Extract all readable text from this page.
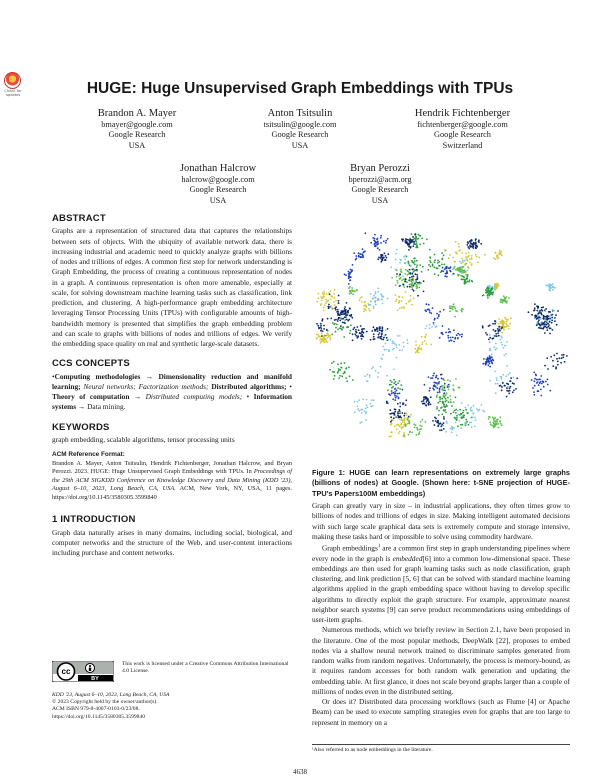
Check for
updates	HUGE: Huge Unsupervised Graph Embeddings with TPUs
Brandon A. Mayer
bmayer@google.com
Google Research
USA
Anton Tsitsulin
tsitsulin@google.com
Google Research
USA
Hendrik Fichtenberger
fichtenberger@google.com
Google Research
Switzerland
Jonathan Halcrow
halcrow@google.com
Google Research
USA
Bryan Perozzi
bperozzi@acm.org
Google Research
USA
ABSTRACT

Graphs are a representation of structured data that captures the relationships between sets of objects. With the ubiquity of available network data, there is increasing industrial and academic need to quickly analyze graphs with billions of nodes and trillions of edges. A common first step for network understanding is Graph Embedding, the process of creating a continuous representation of nodes in a graph. A continuous representation is often more amenable, especially at scale, for solving downstream machine learning tasks such as classification, link prediction, and clustering. A high-performance graph embedding architecture leveraging Tensor Processing Units (TPUs) with configurable amounts of high-bandwidth memory is presented that simplifies the graph embedding problem and can scale to graphs with billions of nodes and trillions of edges. We verify the embedding space quality on real and synthetic large-scale datasets.

CCS CONCEPTS

•Computing methodologies → Dimensionality reduction and manifold learning; Neural networks; Factorization methods; Distributed algorithms; • Theory of computation → Distributed computing models; • Information systems → Data mining.

KEYWORDS

graph embedding, scalable algorithms, tensor processing units

ACM Reference Format:
Brandon A. Mayer, Anton Tsitsulin, Hendrik Fichtenberger, Jonathan Halcrow, and Bryan Perozzi. 2023. HUGE: Huge Unsupervised Graph Embeddings with TPUs. In Proceedings of the 29th ACM SIGKDD Conference on Knowledge Discovery and Data Mining (KDD '23), August 6–10, 2023, Long Beach, CA, USA. ACM, New York, NY, USA, 11 pages. https://doi.org/10.1145/3580305.3599840
1 INTRODUCTION

Graph data naturally arises in many domains, including social, biological, and computer networks and the structure of the Web, and user-content interactions including purchase and content networks.

cc
BY
This work is licensed under a Creative Commons Attribution International 4.0 License.
KDD '23, August 6–10, 2023, Long Beach, CA, USA
© 2023 Copyright held by the owner/author(s).
ACM ISBN 979-8-4007-0103-0/23/08.
https://doi.org/10.1145/3580305.3599840
Figure 1: HUGE can learn representations on extremely large graphs (billions of nodes) at Google. (Shown here: t-SNE projection of HUGE-TPU's Papers100M embeddings)

Graph can greatly vary in size – in industrial applications, they often times grow to billions of nodes and trillions of edges in size. Making intelligent automated decisions with such large scale graphical data sets is extremely compute and storage intensive, making these tasks hard or impossible to solve using commodity hardware.

Graph embeddings$^1$ are a common first step in graph understanding pipelines where every node in the graph is embedded[6] into a common low-dimensional space. These embeddings are then used for graph learning tasks such as node classification, graph clustering, and link prediction [5, 6] that can be solved with standard machine learning algorithms applied in the graph embedding space without having to develop specific algorithms to directly exploit the graph structure. For example, approximate nearest neighbor search systems [9] can serve product recommendations using embeddings of user-item graphs.

Numerous methods, which we briefly review in Section 2.1, have been proposed in the literature. One of the most popular methods, DeepWalk [22], proposes to embed nodes via a shallow neural network trained to discriminate samples generated from random walks from random negatives. Unfortunately, the process is memory-bound, as it requires random accesses for both random walk generation and updating the embedding table. At first glance, it does not scale beyond graphs larger than a couple of millions of nodes even in the distributed setting.

Or does it? Distributed data processing workflows (such as Flume [4] or Apache Beam) can be used to execute sampling strategies even for graphs that are too large to represent in memory on a

¹Also referred to as node embeddings in the literature.
4638
